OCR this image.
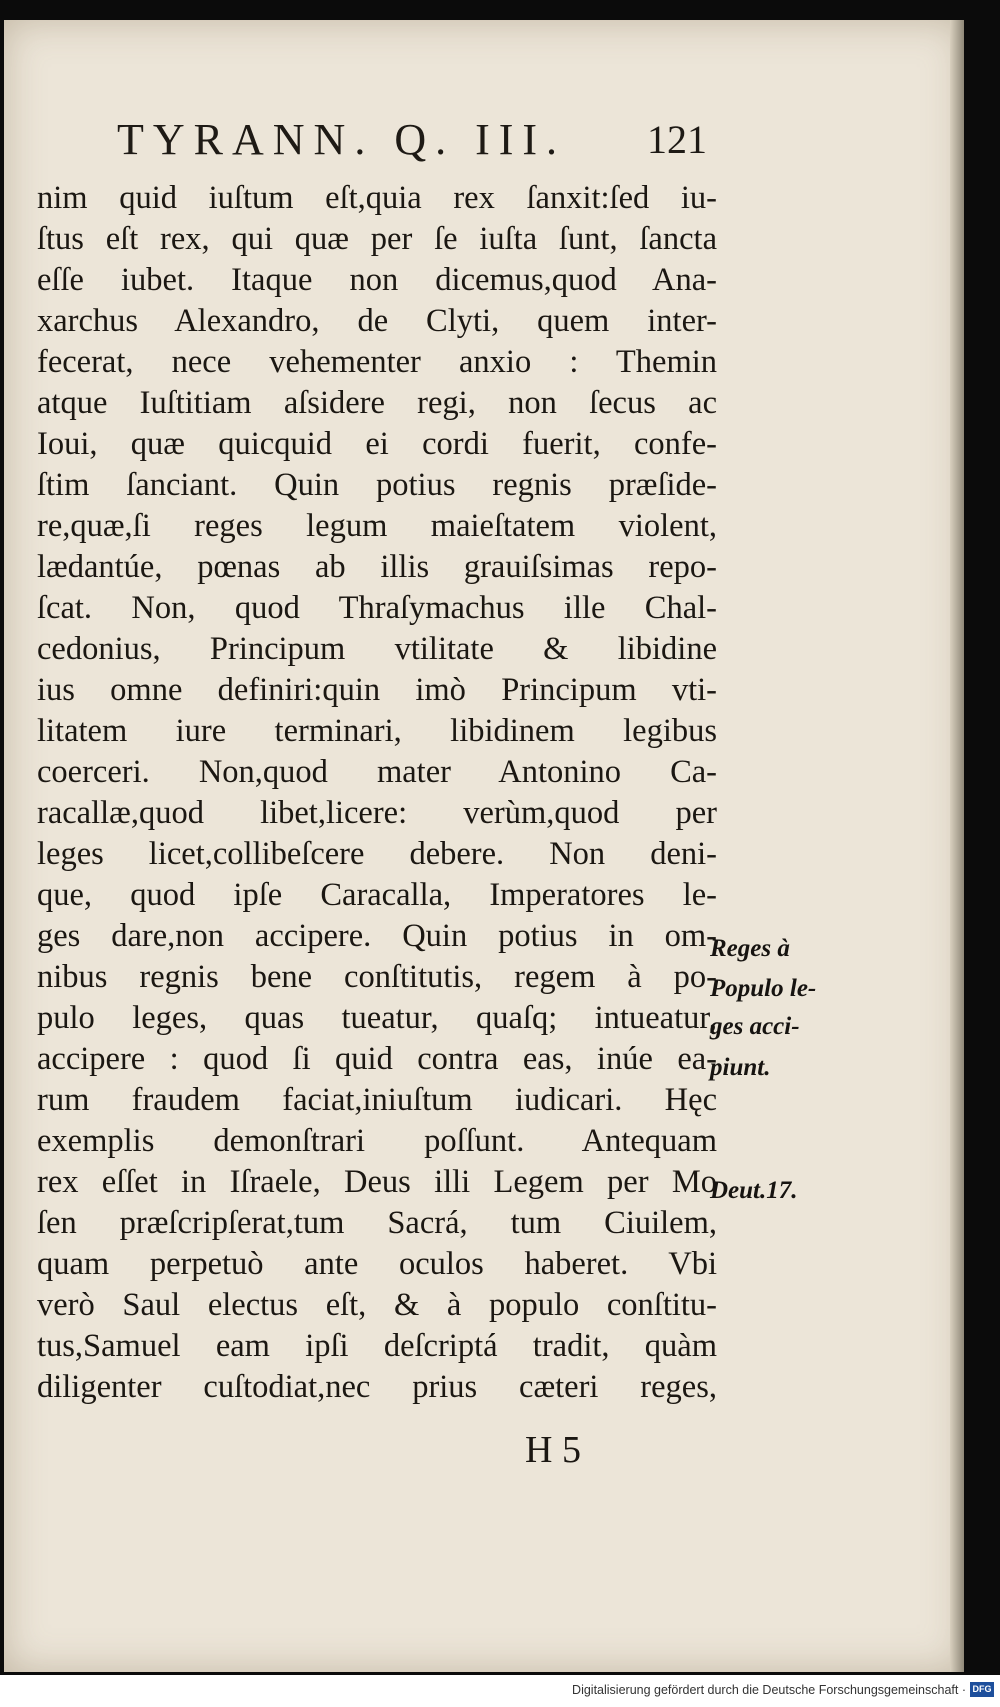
TYRANN. Q. III. 121
nim quid iuſtum eſt,quia rex ſanxit:ſed iu-
ſtus eſt rex, qui quæ per ſe iuſta ſunt, ſancta
eſſe iubet. Itaque non dicemus,quod Ana-
xarchus Alexandro, de Clyti, quem inter-
fecerat, nece vehementer anxio : Themin
atque Iuſtitiam aſsidere regi, non ſecus ac
Ioui, quæ quicquid ei cordi fuerit, confe-
ſtim ſanciant. Quin potius regnis præſide-
re,quæ,ſi reges legum maieſtatem violent,
lædantúe, pœnas ab illis grauiſsimas repo-
ſcat. Non, quod Thraſymachus ille Chal-
cedonius, Principum vtilitate & libidine
ius omne definiri:quin imò Principum vti-
litatem iure terminari, libidinem legibus
coerceri. Non,quod mater Antonino Ca-
racallæ,quod libet,licere: verùm,quod per
leges licet,collibeſcere debere. Non deni-
que, quod ipſe Caracalla, Imperatores le-
ges dare,non accipere. Quin potius in om-
nibus regnis bene conſtitutis, regem à po-
pulo leges, quas tueatur, quaſq; intueatur,
accipere : quod ſi quid contra eas, inúe ea-
rum fraudem faciat,iniuſtum iudicari. Hęc
exemplis demonſtrari poſſunt. Antequam
rex eſſet in Iſraele, Deus illi Legem per Mo
ſen præſcripſerat,tum Sacrá, tum Ciuilem,
quam perpetuò ante oculos haberet. Vbi
verò Saul electus eſt, & à populo conſtitu-
tus,Samuel eam ipſi deſcriptá tradit, quàm
diligenter cuſtodiat,nec prius cæteri reges,
H 5
Reges à
Populo le-
ges acci-
piunt.
Deut.17.
Digitalisierung gefördert durch die Deutsche Forschungsgemeinschaft · DFG
